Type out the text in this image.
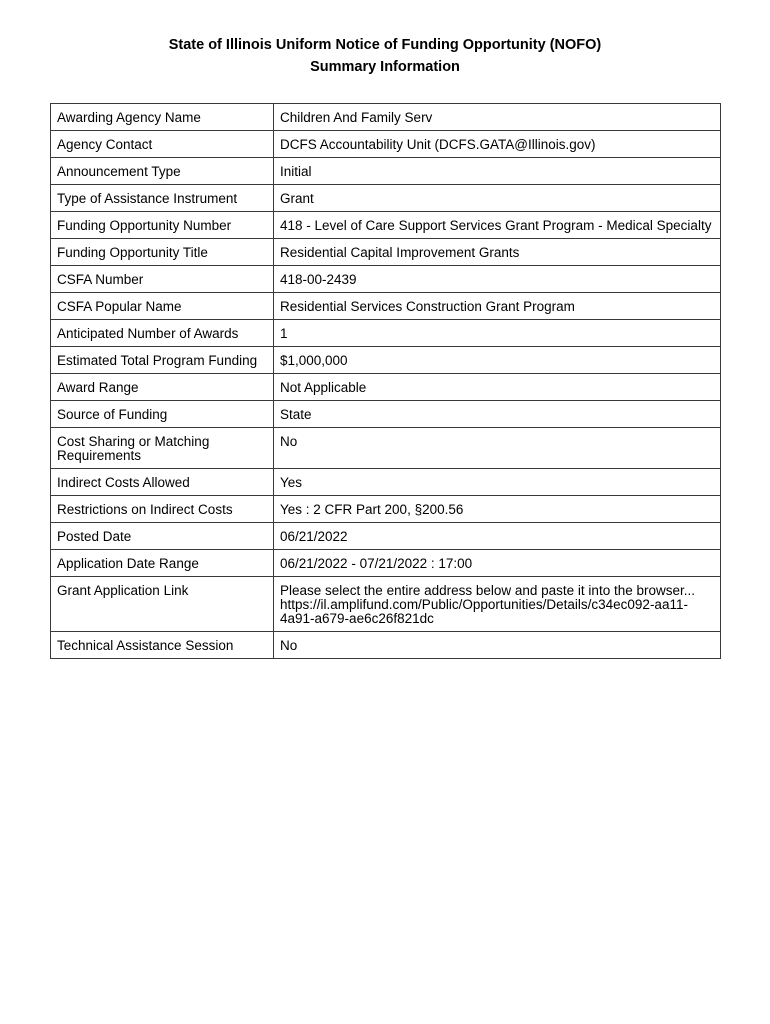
State of Illinois Uniform Notice of Funding Opportunity (NOFO)
Summary Information
Awarding Agency Name	Children And Family Serv
Agency Contact	DCFS Accountability Unit (DCFS.GATA@Illinois.gov)
Announcement Type	Initial
Type of Assistance Instrument	Grant
Funding Opportunity Number	418 - Level of Care Support Services Grant Program - Medical Specialty
Funding Opportunity Title	Residential Capital Improvement Grants
CSFA Number	418-00-2439
CSFA Popular Name	Residential Services Construction Grant Program
Anticipated Number of Awards	1
Estimated Total Program Funding	$1,000,000
Award Range	Not Applicable
Source of Funding	State
Cost Sharing or Matching Requirements	No
Indirect Costs Allowed	Yes
Restrictions on Indirect Costs	Yes : 2 CFR Part 200, §200.56
Posted Date	06/21/2022
Application Date Range	06/21/2022 - 07/21/2022 : 17:00
Grant Application Link	Please select the entire address below and paste it into the browser... https://il.amplifund.com/Public/Opportunities/Details/c34ec092-aa11-4a91-a679-ae6c26f821dc
Technical Assistance Session	No
